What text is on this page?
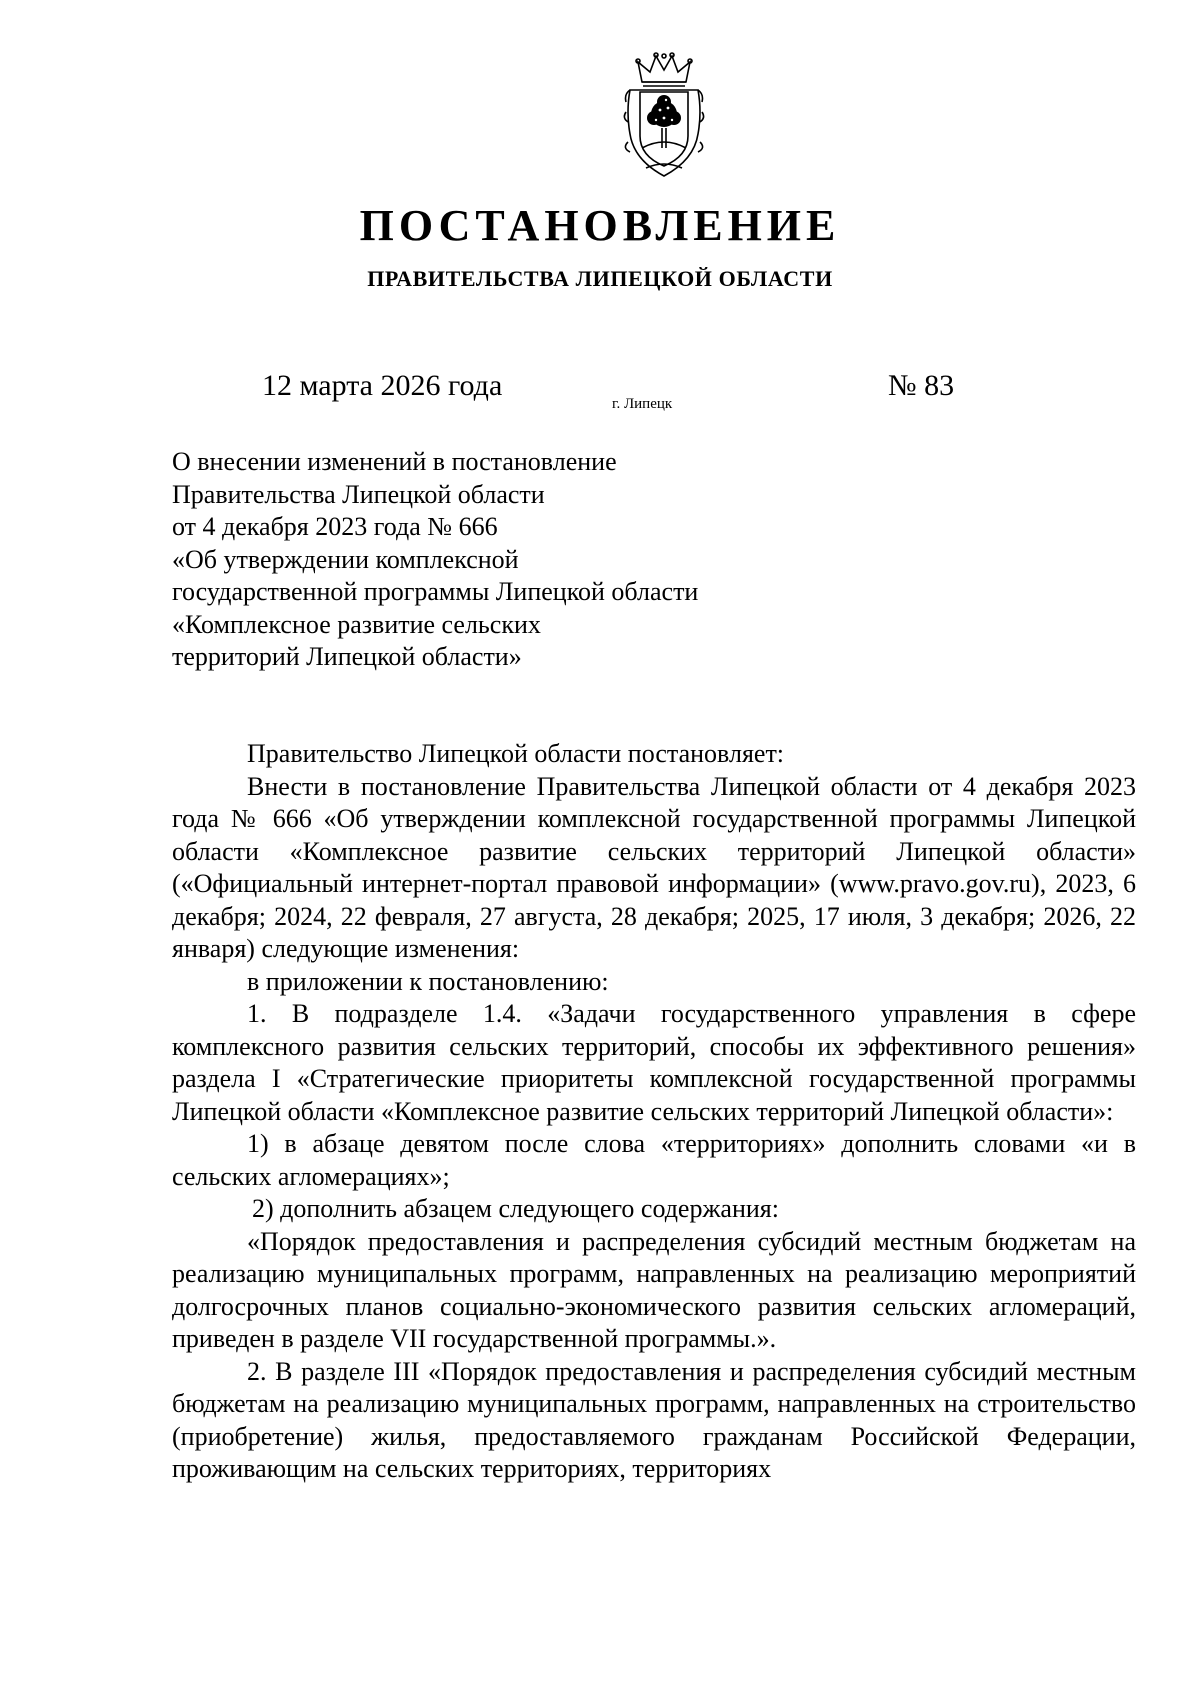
ПОСТАНОВЛЕНИЕ
ПРАВИТЕЛЬСТВА ЛИПЕЦКОЙ ОБЛАСТИ
12 марта 2026 года
г. Липецк
№ 83
О внесении изменений в постановление
Правительства Липецкой области
от 4 декабря 2023 года № 666
«Об утверждении комплексной
государственной программы Липецкой области
«Комплексное развитие сельских
территорий Липецкой области»

Правительство Липецкой области постановляет:

Внести в постановление Правительства Липецкой области от 4 декабря 2023 года № 666 «Об утверждении комплексной государственной программы Липецкой области «Комплексное развитие сельских территорий Липецкой области» («Официальный интернет-портал правовой информации» (www.pravo.gov.ru), 2023, 6 декабря; 2024, 22 февраля, 27 августа, 28 декабря; 2025, 17 июля, 3 декабря; 2026, 22 января) следующие изменения:

в приложении к постановлению:

1. В подразделе 1.4. «Задачи государственного управления в сфере комплексного развития сельских территорий, способы их эффективного решения» раздела I «Стратегические приоритеты комплексной государственной программы Липецкой области «Комплексное развитие сельских территорий Липецкой области»:

1) в абзаце девятом после слова «территориях» дополнить словами «и в сельских агломерациях»;

2) дополнить абзацем следующего содержания:

«Порядок предоставления и распределения субсидий местным бюджетам на реализацию муниципальных программ, направленных на реализацию мероприятий долгосрочных планов социально-экономического развития сельских агломераций, приведен в разделе VII государственной программы.».

2. В разделе III «Порядок предоставления и распределения субсидий местным бюджетам на реализацию муниципальных программ, направленных на строительство (приобретение) жилья, предоставляемого гражданам Российской Федерации, проживающим на сельских территориях, территориях
